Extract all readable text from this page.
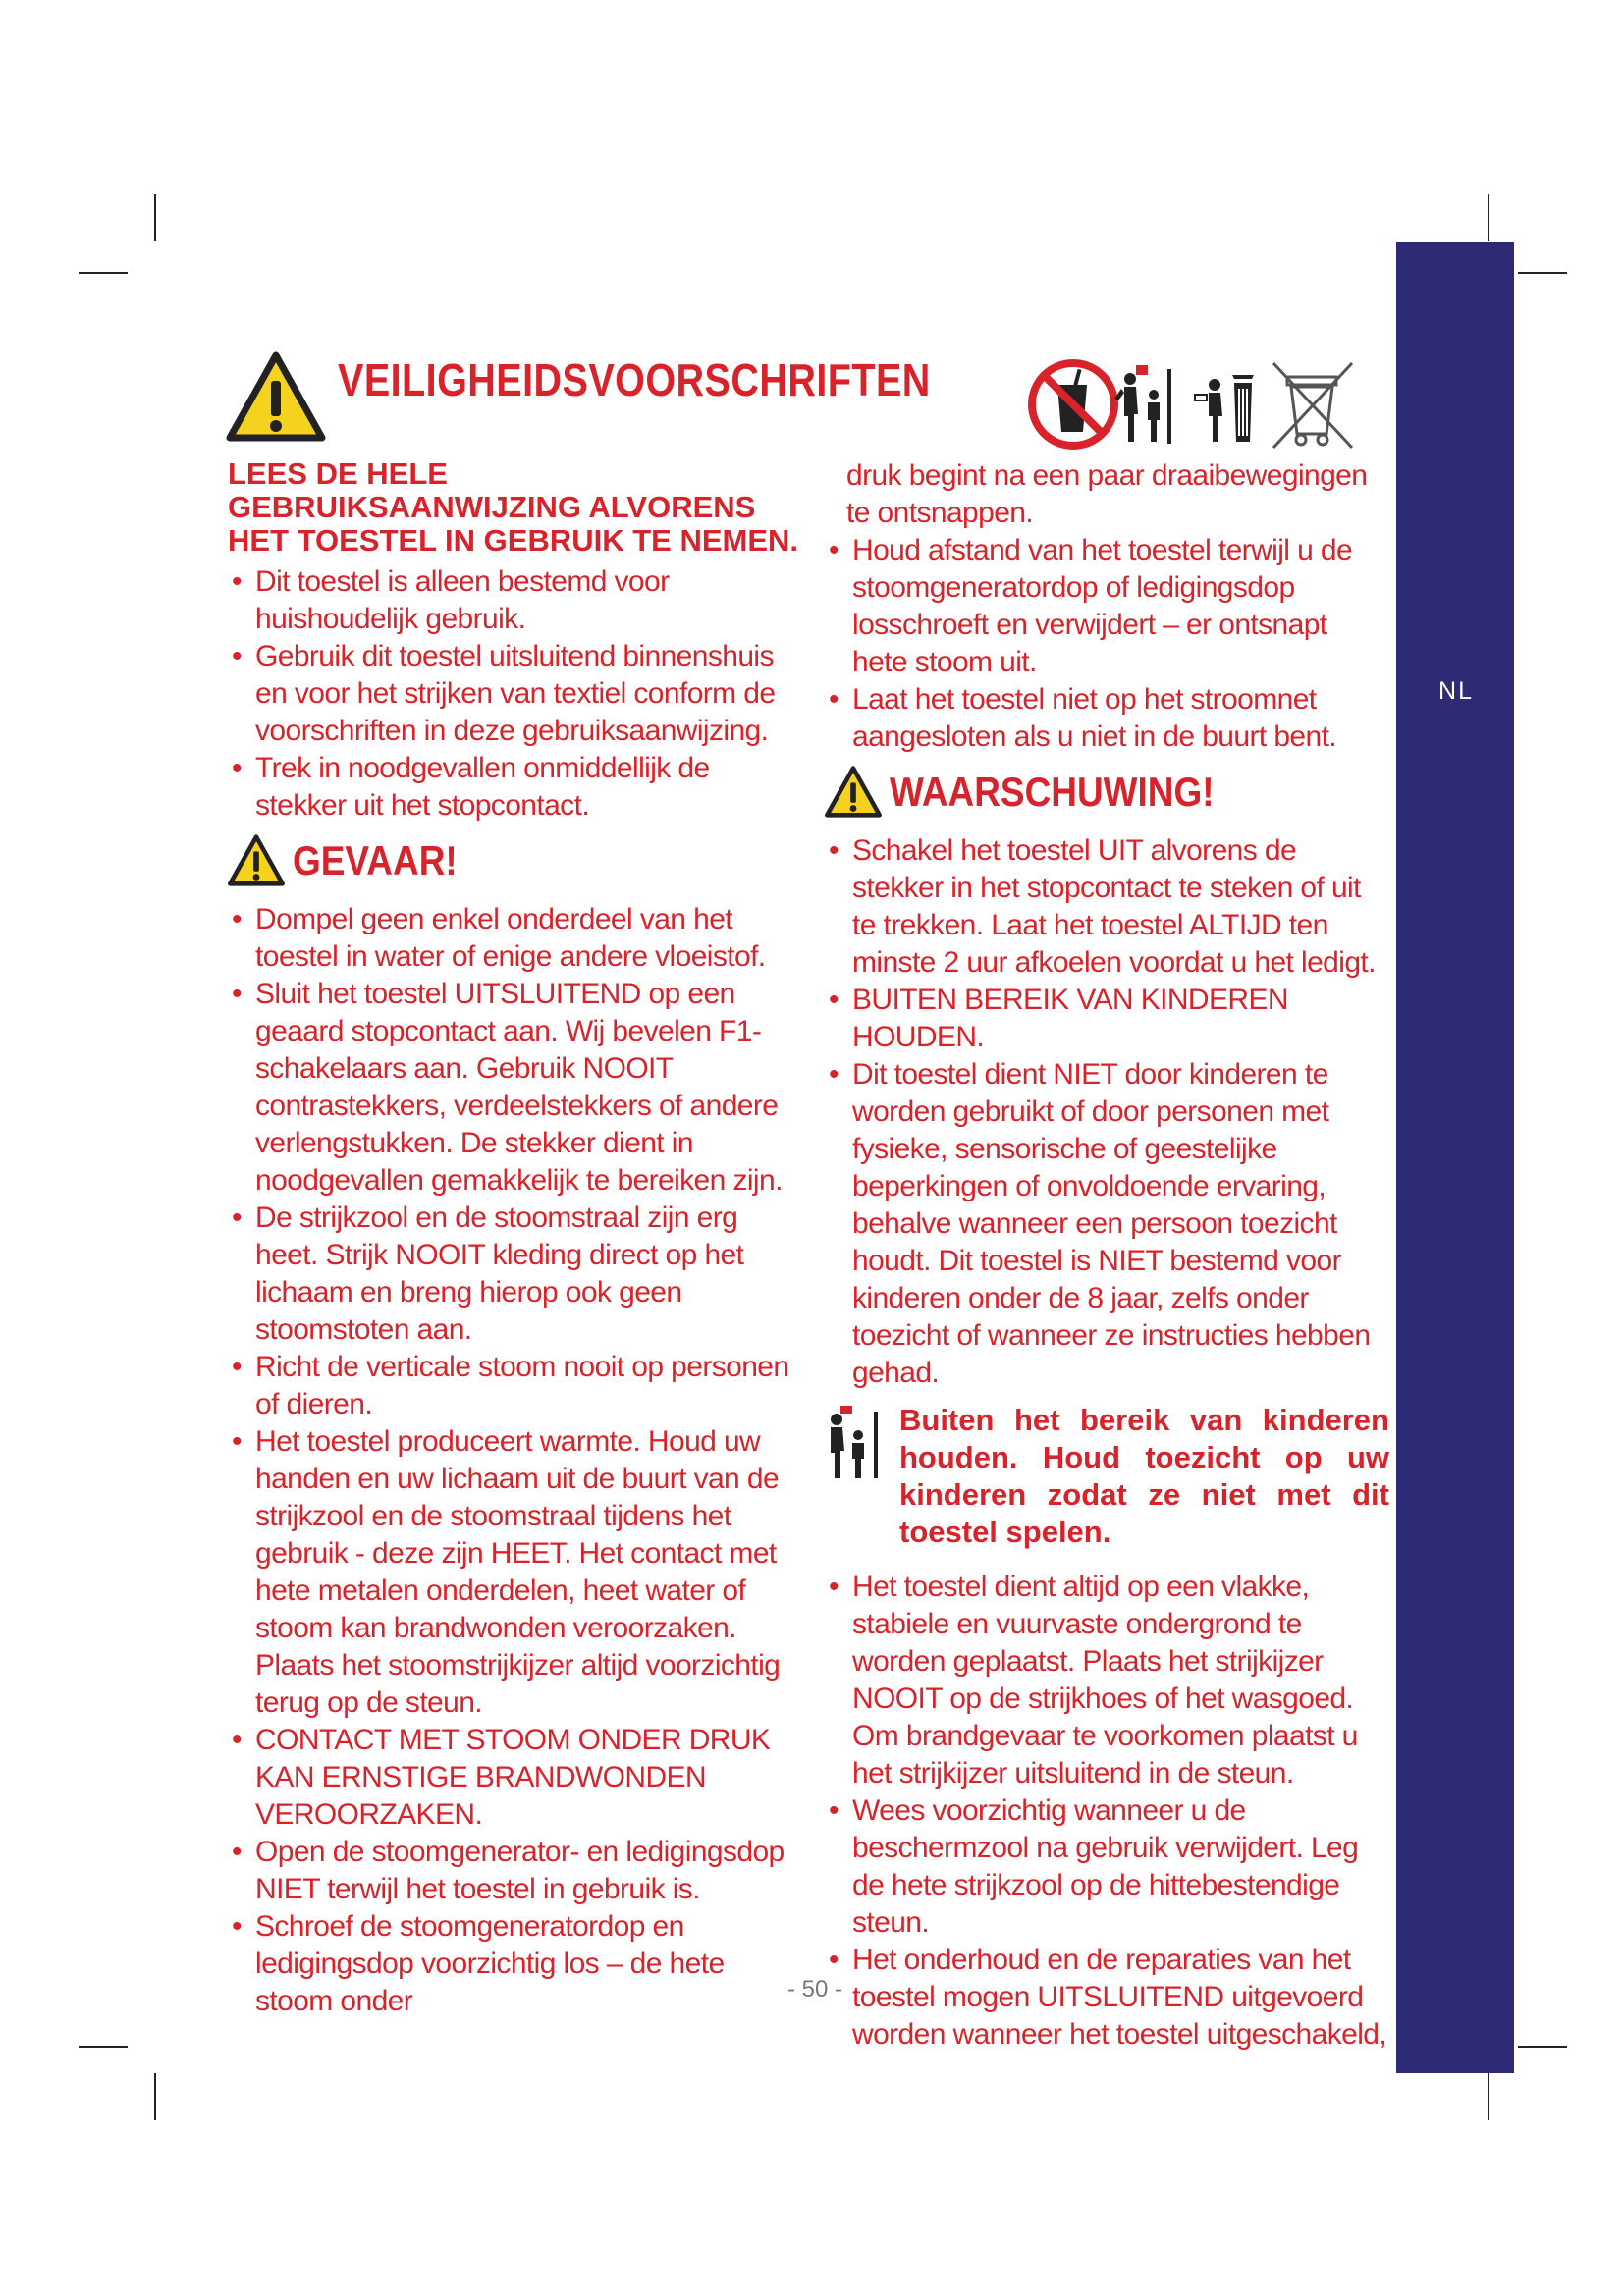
NL
VEILIGHEIDSVOORSCHRIFTEN

LEES DE HELE GEBRUIKSAANWIJZING ALVORENS HET TOESTEL IN GEBRUIK TE NEMEN.

• Dit toestel is alleen bestemd voor huishoudelijk gebruik.
• Gebruik dit toestel uitsluitend binnenshuis en voor het strijken van textiel conform de voorschriften in deze gebruiksaanwijzing.
• Trek in noodgevallen onmiddellijk de stekker uit het stopcontact.
GEVAAR!
• Dompel geen enkel onderdeel van het toestel in water of enige andere vloeistof.
• Sluit het toestel UITSLUITEND op een geaard stopcontact aan. Wij bevelen F1-schakelaars aan. Gebruik NOOIT contrastekkers, verdeelstekkers of andere verlengstukken. De stekker dient in noodgevallen gemakkelijk te bereiken zijn.
• De strijkzool en de stoomstraal zijn erg heet. Strijk NOOIT kleding direct op het lichaam en breng hierop ook geen stoomstoten aan.
• Richt de verticale stoom nooit op personen of dieren.
• Het toestel produceert warmte. Houd uw handen en uw lichaam uit de buurt van de strijkzool en de stoomstraal tijdens het gebruik - deze zijn HEET. Het contact met hete metalen onderdelen, heet water of stoom kan brandwonden veroorzaken. Plaats het stoomstrijkijzer altijd voorzichtig terug op de steun.
• CONTACT MET STOOM ONDER DRUK KAN ERNSTIGE BRANDWONDEN VEROORZAKEN.
• Open de stoomgenerator- en ledigingsdop NIET terwijl het toestel in gebruik is.
• Schroef de stoomgeneratordop en ledigingsdop voorzichtig los – de hete stoom onder
druk begint na een paar draaibewegingen te ontsnappen.
• Houd afstand van het toestel terwijl u de stoomgeneratordop of ledigingsdop losschroeft en verwijdert – er ontsnapt hete stoom uit.
• Laat het toestel niet op het stroomnet aangesloten als u niet in de buurt bent.
WAARSCHUWING!
• Schakel het toestel UIT alvorens de stekker in het stopcontact te steken of uit te trekken. Laat het toestel ALTIJD ten minste 2 uur afkoelen voordat u het ledigt.
• BUITEN BEREIK VAN KINDEREN HOUDEN.
• Dit toestel dient NIET door kinderen te worden gebruikt of door personen met fysieke, sensorische of geestelijke beperkingen of onvoldoende ervaring, behalve wanneer een persoon toezicht houdt. Dit toestel is NIET bestemd voor kinderen onder de 8 jaar, zelfs onder toezicht of wanneer ze instructies hebben gehad.
Buiten het bereik van kinderen houden. Houd toezicht op uw kinderen zodat ze niet met dit toestel spelen.
• Het toestel dient altijd op een vlakke, stabiele en vuurvaste ondergrond te worden geplaatst. Plaats het strijkijzer NOOIT op de strijkhoes of het wasgoed. Om brandgevaar te voorkomen plaatst u het strijkijzer uitsluitend in de steun.
• Wees voorzichtig wanneer u de beschermzool na gebruik verwijdert. Leg de hete strijkzool op de hittebestendige steun.
• Het onderhoud en de reparaties van het toestel mogen UITSLUITEND uitgevoerd worden wanneer het toestel uitgeschakeld,
- 50 -
